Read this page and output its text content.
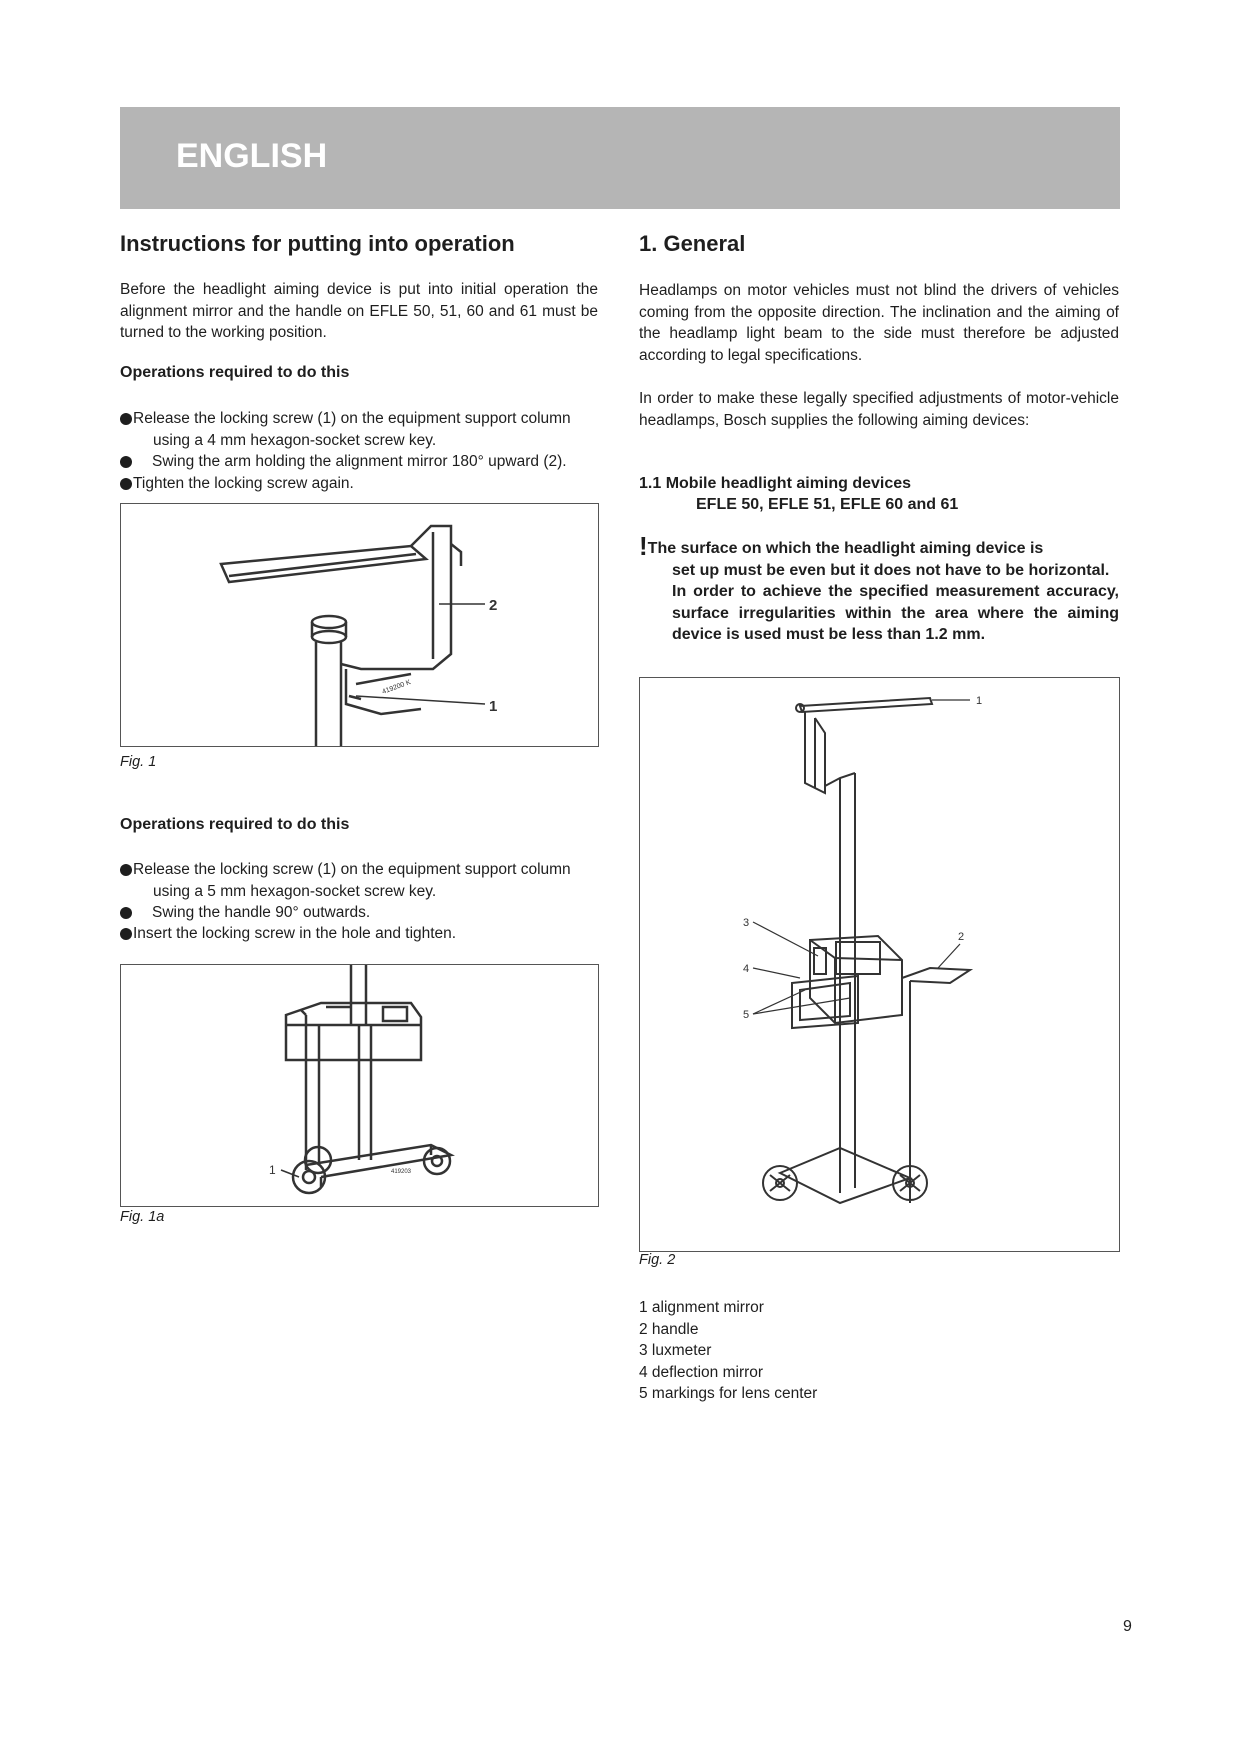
ENGLISH
Instructions for putting into operation

Before the headlight aiming device is put into initial operation the alignment mirror and the handle on EFLE 50, 51, 60 and 61 must be turned to the working position.

Operations required to do this
Release the locking screw (1) on the equipment support column using a 4 mm hexagon-socket screw key.
Swing the arm holding the alignment mirror 180° upward (2).
Tighten the locking screw again.
2
1
419200 K
Fig. 1
Operations required to do this
Release the locking screw (1) on the equipment support column using a 5 mm hexagon-socket screw key.
Swing the handle 90° outwards.
Insert the locking screw in the hole and tighten.
1	419203
Fig. 1a
1. General

Headlamps on motor vehicles must not blind the drivers of vehicles coming from the opposite direction. The inclination and the aiming of the headlamp light beam to the side must therefore be adjusted according to legal specifications.

In order to make these legally specified adjustments of motor-vehicle headlamps, Bosch supplies the following aiming devices:

1.1 Mobile headlight aiming devices
EFLE 50, EFLE 51, EFLE 60 and 61
!The surface on which the headlight aiming device is
set up must be even but it does not have to be horizontal.
In order to achieve the specified measurement accuracy, surface irregularities within the area where the aiming device is used must be less than 1.2 mm.
1
2
3
4
5
Fig. 2
1 alignment mirror
2 handle
3 luxmeter
4 deflection mirror
5 markings for lens center
9
